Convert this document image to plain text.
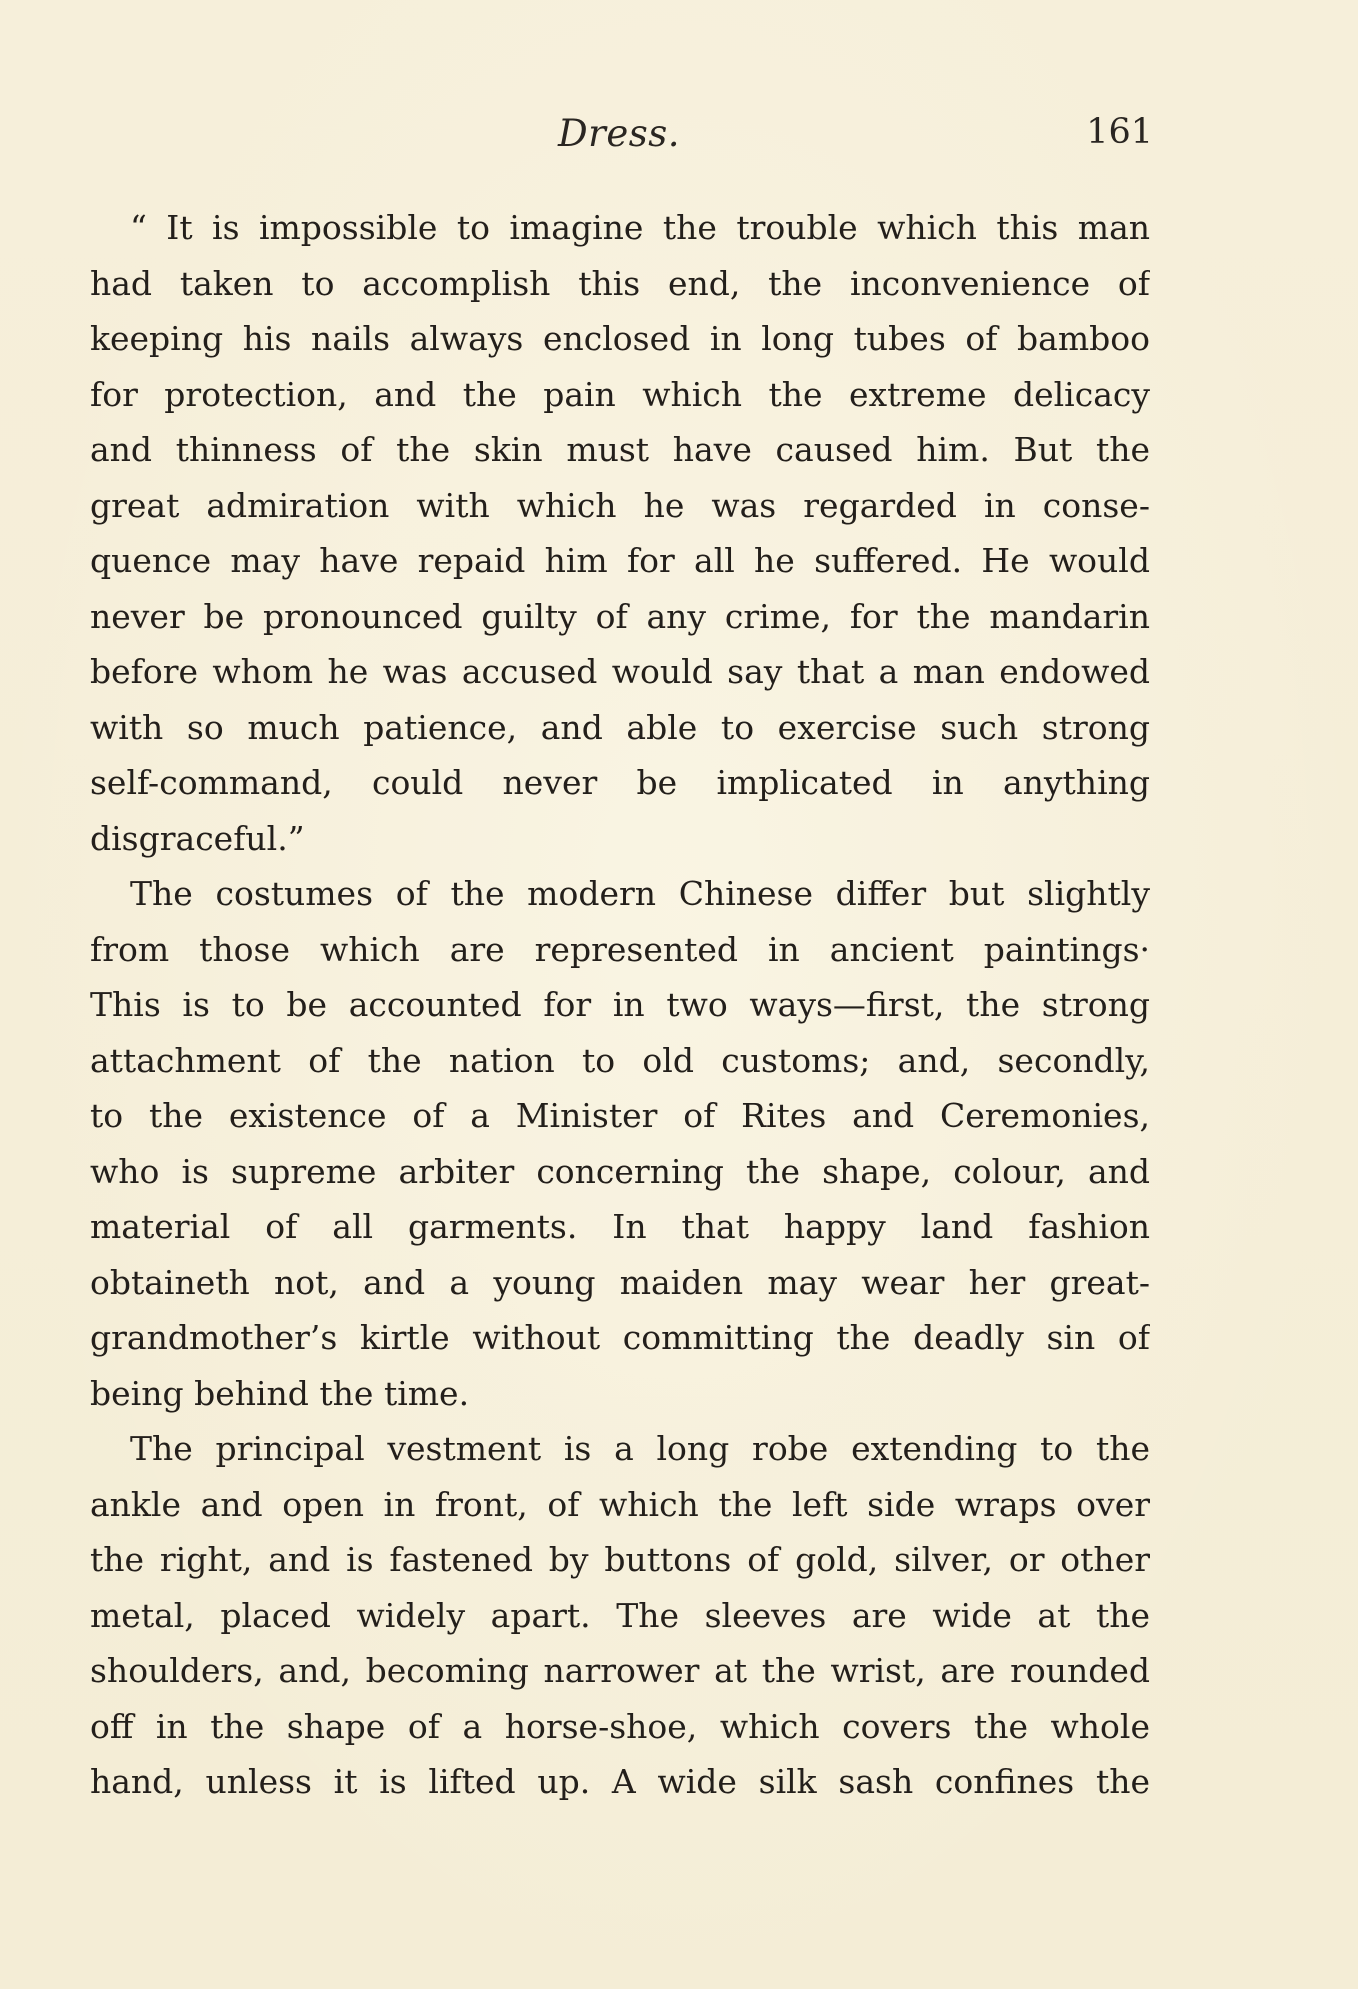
Dress.	161
“ It is impossible to imagine the trouble which this man
had taken to accomplish this end, the inconvenience of
keeping his nails always enclosed in long tubes of bamboo
for protection, and the pain which the extreme delicacy
and thinness of the skin must have caused him. But the
great admiration with which he was regarded in conse-
quence may have repaid him for all he suffered. He would
never be pronounced guilty of any crime, for the mandarin
before whom he was accused would say that a man endowed
with so much patience, and able to exercise such strong
self-command, could never be implicated in anything
disgraceful.”
The costumes of the modern Chinese differ but slightly
from those which are represented in ancient paintings·
This is to be accounted for in two ways—first, the strong
attachment of the nation to old customs; and, secondly,
to the existence of a Minister of Rites and Ceremonies,
who is supreme arbiter concerning the shape, colour, and
material of all garments. In that happy land fashion
obtaineth not, and a young maiden may wear her great-
grandmother’s kirtle without committing the deadly sin of
being behind the time.
The principal vestment is a long robe extending to the
ankle and open in front, of which the left side wraps over
the right, and is fastened by buttons of gold, silver, or other
metal, placed widely apart. The sleeves are wide at the
shoulders, and, becoming narrower at the wrist, are rounded
off in the shape of a horse-shoe, which covers the whole
hand, unless it is lifted up. A wide silk sash confines the
